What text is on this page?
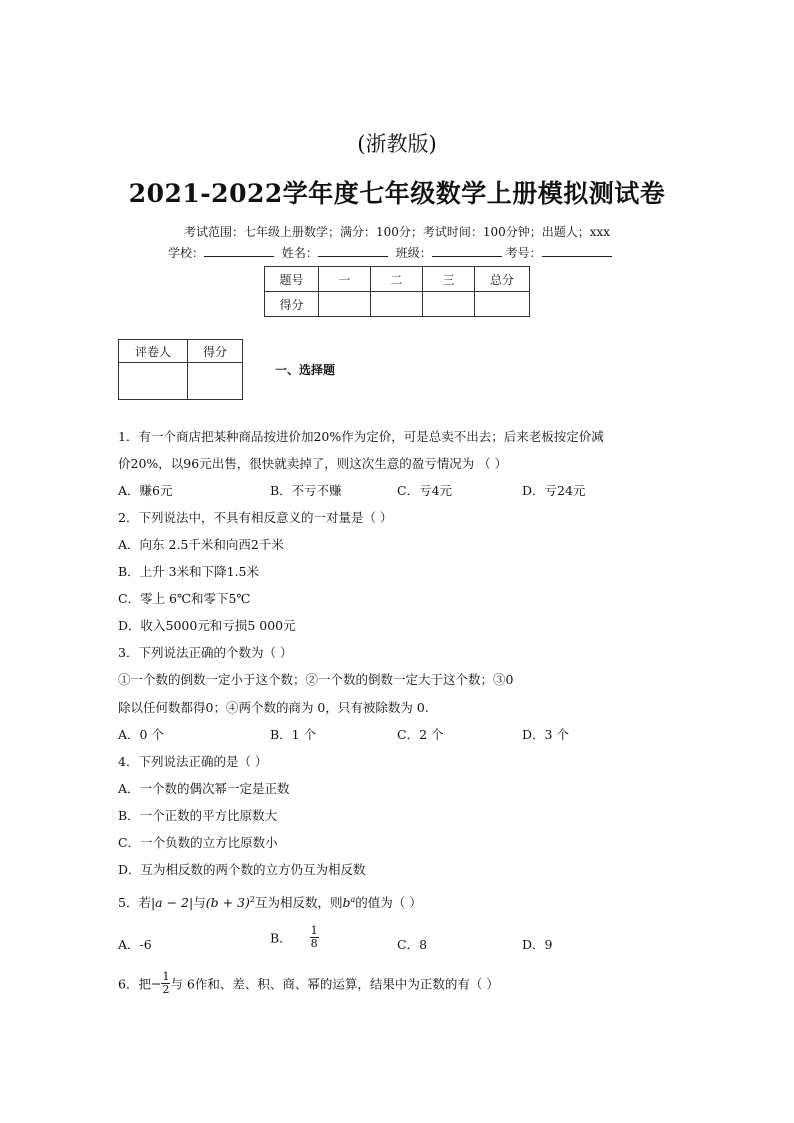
(浙教版)
2021-2022学年度七年级数学上册模拟测试卷
考试范围：七年级上册数学；满分：100分；考试时间：100分钟；出题人；xxx
学校：	姓名：	班级：	考号：
题号	一	二	三	总分
得分				
评卷人	得分

一、选择题
1．有一个商店把某种商品按进价加20%作为定价，可是总卖不出去；后来老板按定价减
价20%，以96元出售，很快就卖掉了，则这次生意的盈亏情况为 （ ）
A．赚6元	B．不亏不赚	C．亏4元	D．亏24元
2．下列说法中，不具有相反意义的一对量是（ ）
A．向东 2.5千米和向西2千米
B．上升 3米和下降1.5米
C．零上 6℃和零下5℃
D．收入5000元和亏损5 000元
3．下列说法正确的个数为（ ）
①一个数的倒数一定小于这个数；②一个数的倒数一定大于这个数；③0
除以任何数都得0；④两个数的商为 0，只有被除数为 0.
A．0 个	B．1 个	C．2 个	D．3 个
4．下列说法正确的是（ ）
A．一个数的偶次幂一定是正数
B．一个正数的平方比原数大
C．一个负数的立方比原数小
D．互为相反数的两个数的立方仍互为相反数
5．若|a − 2|与$(b + 3)^2$互为相反数，则$b^a$的值为（ ）
A．-6	B． $\frac{1}{8}$	C．8	D．9
6．把− $\frac{1}{2}$ 与 6作和、差、积、商、幂的运算，结果中为正数的有（ ）
